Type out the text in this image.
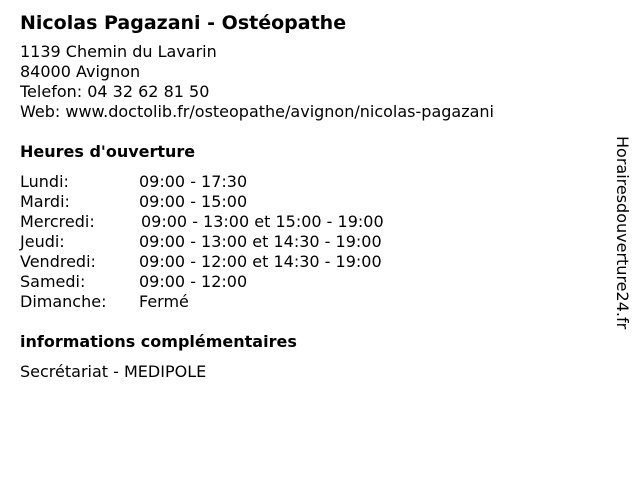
Nicolas Pagazani - Ostéopathe
1139 Chemin du Lavarin
84000 Avignon
Telefon: 04 32 62 81 50
Web: www.doctolib.fr/osteopathe/avignon/nicolas-pagazani
Heures d'ouverture
Lundi:	09:00 - 17:30
Mardi:	09:00 - 15:00
Mercredi:	09:00 - 13:00 et 15:00 - 19:00
Jeudi:	09:00 - 13:00 et 14:30 - 19:00
Vendredi:	09:00 - 12:00 et 14:30 - 19:00
Samedi:	09:00 - 12:00
Dimanche:	Fermé
informations complémentaires
Secrétariat - MEDIPOLE
Horairesdouverture24.fr
